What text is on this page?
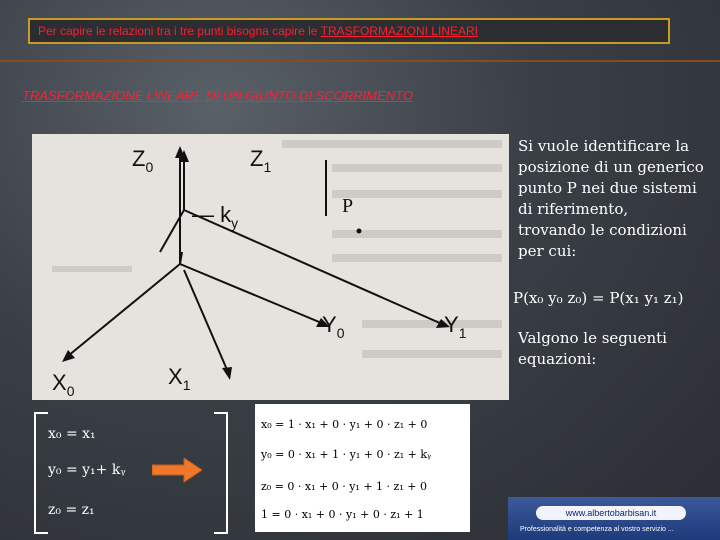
Per capire le relazioni tra i tre punti bisogna capire le TRASFORMAZIONI LINEARI
TRASFORMAZIONE LINEARE DI UN GIUNTO DI SCORRIMENTO
$Z_0$	$Z_1$
— $k_y$
P
$Y_0$	$Y_1$
$X_0$
$X_1$
Si vuole identificare la
posizione di un generico
punto P nei due sistemi
di riferimento,
trovando le condizioni
per cui:
P(x₀ y₀ z₀) = P(x₁ y₁ z₁)
Valgono le seguenti
equazioni:
x₀ = x₁
y₀ = y₁+ kᵧ
z₀ = z₁
x₀ = 1 · x₁ + 0 · y₁ + 0 · z₁ + 0
y₀ = 0 · x₁ + 1 · y₁ + 0 · z₁ + kᵧ
z₀ = 0 · x₁ + 0 · y₁ + 1 · z₁ + 0
1 = 0 · x₁ + 0 · y₁ + 0 · z₁ + 1	www.albertobarbisan.it
Professionalità e competenza al vostro servizio ...
